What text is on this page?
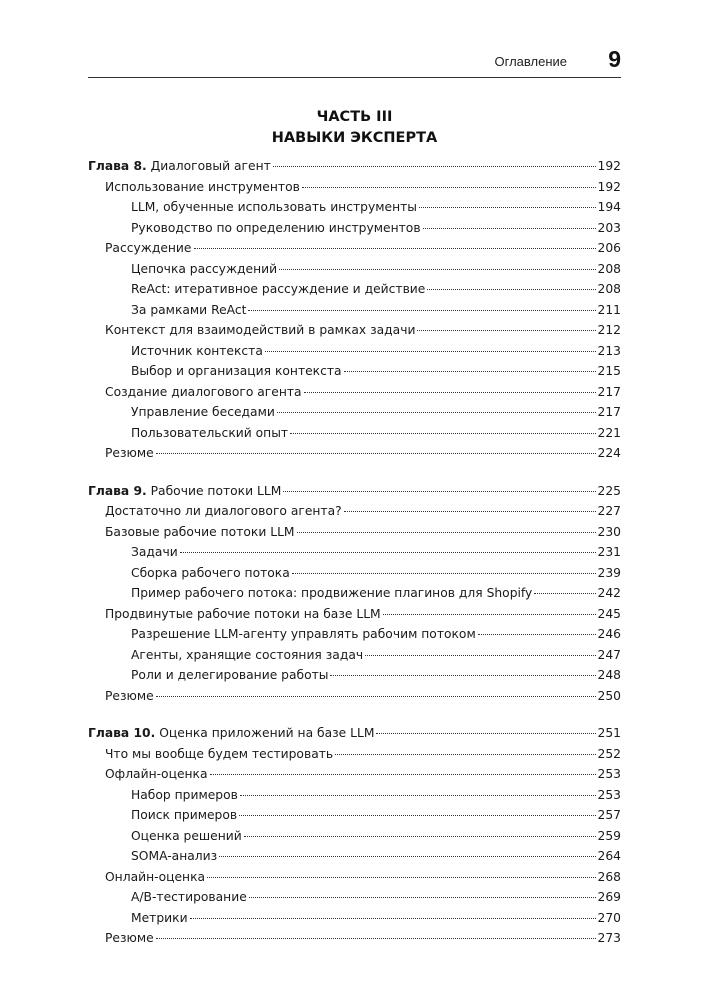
Оглавление 9
ЧАСТЬ III
НАВЫКИ ЭКСПЕРТА
Глава 8. Диалоговый агент	192
Использование инструментов	192
LLM, обученные использовать инструменты	194
Руководство по определению инструментов	203
Рассуждение	206
Цепочка рассуждений	208
ReAct: итеративное рассуждение и действие	208
За рамками ReAct	211
Контекст для взаимодействий в рамках задачи	212
Источник контекста	213
Выбор и организация контекста	215
Создание диалогового агента	217
Управление беседами	217
Пользовательский опыт	221
Резюме	224
Глава 9. Рабочие потоки LLM	225
Достаточно ли диалогового агента?	227
Базовые рабочие потоки LLM	230
Задачи	231
Сборка рабочего потока	239
Пример рабочего потока: продвижение плагинов для Shopify	242
Продвинутые рабочие потоки на базе LLM	245
Разрешение LLM-агенту управлять рабочим потоком	246
Агенты, хранящие состояния задач	247
Роли и делегирование работы	248
Резюме	250
Глава 10. Оценка приложений на базе LLM	251
Что мы вообще будем тестировать	252
Офлайн-оценка	253
Набор примеров	253
Поиск примеров	257
Оценка решений	259
SOMA-анализ	264
Онлайн-оценка	268
A/B-тестирование	269
Метрики	270
Резюме	273
